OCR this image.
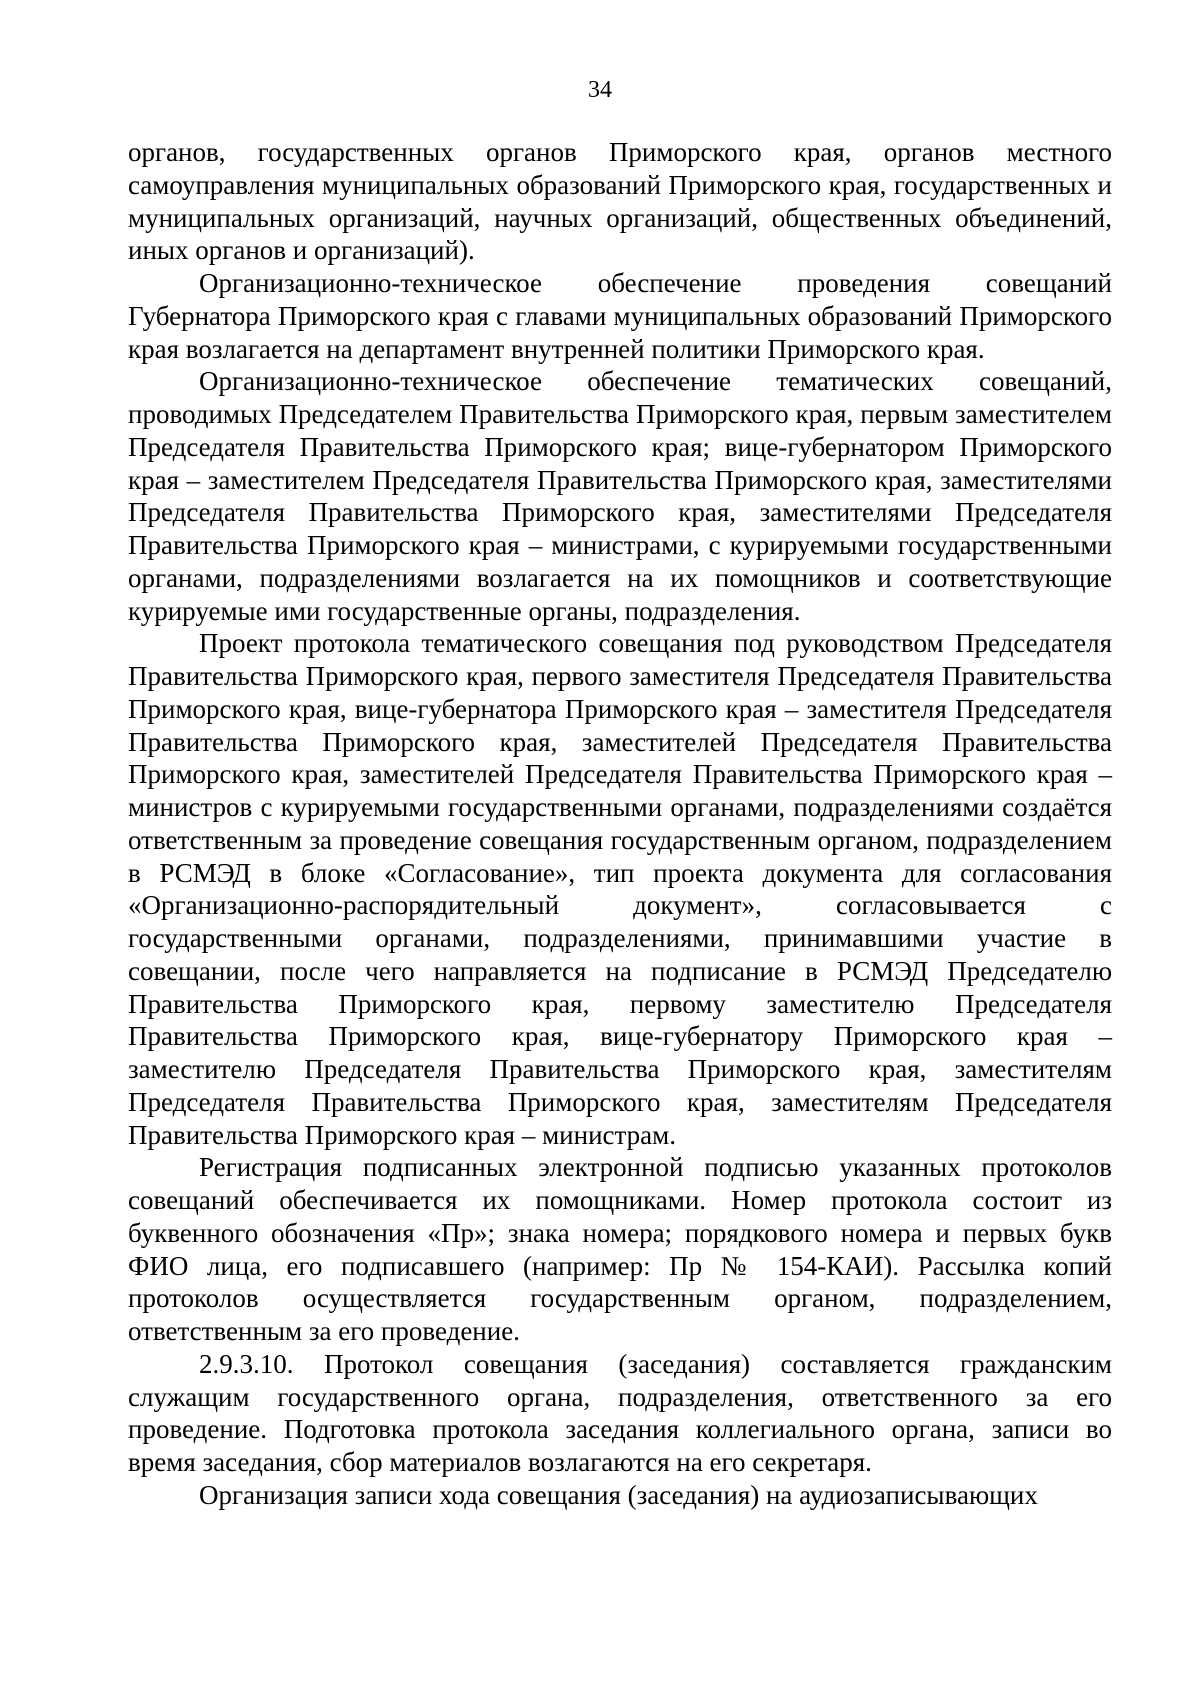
34

органов, государственных органов Приморского края, органов местного самоуправления муниципальных образований Приморского края, государственных и муниципальных организаций, научных организаций, общественных объединений, иных органов и организаций).

Организационно-техническое обеспечение проведения совещаний Губернатора Приморского края с главами муниципальных образований Приморского края возлагается на департамент внутренней политики Приморского края.

Организационно-техническое обеспечение тематических совещаний, проводимых Председателем Правительства Приморского края, первым заместителем Председателя Правительства Приморского края; вице-губернатором Приморского края – заместителем Председателя Правительства Приморского края, заместителями Председателя Правительства Приморского края, заместителями Председателя Правительства Приморского края – министрами, с курируемыми государственными органами, подразделениями возлагается на их помощников и соответствующие курируемые ими государственные органы, подразделения.

Проект протокола тематического совещания под руководством Председателя Правительства Приморского края, первого заместителя Председателя Правительства Приморского края, вице-губернатора Приморского края – заместителя Председателя Правительства Приморского края, заместителей Председателя Правительства Приморского края, заместителей Председателя Правительства Приморского края – министров с курируемыми государственными органами, подразделениями создаётся ответственным за проведение совещания государственным органом, подразделением в РСМЭД в блоке «Согласование», тип проекта документа для согласования «Организационно-распорядительный документ», согласовывается с государственными органами, подразделениями, принимавшими участие в совещании, после чего направляется на подписание в РСМЭД Председателю Правительства Приморского края, первому заместителю Председателя Правительства Приморского края, вице-губернатору Приморского края – заместителю Председателя Правительства Приморского края, заместителям Председателя Правительства Приморского края, заместителям Председателя Правительства Приморского края – министрам.

Регистрация подписанных электронной подписью указанных протоколов совещаний обеспечивается их помощниками. Номер протокола состоит из буквенного обозначения «Пр»; знака номера; порядкового номера и первых букв ФИО лица, его подписавшего (например: Пр № 154-КАИ). Рассылка копий протоколов осуществляется государственным органом, подразделением, ответственным за его проведение.

2.9.3.10. Протокол совещания (заседания) составляется гражданским служащим государственного органа, подразделения, ответственного за его проведение. Подготовка протокола заседания коллегиального органа, записи во время заседания, сбор материалов возлагаются на его секретаря.

Организация записи хода совещания (заседания) на аудиозаписывающих
